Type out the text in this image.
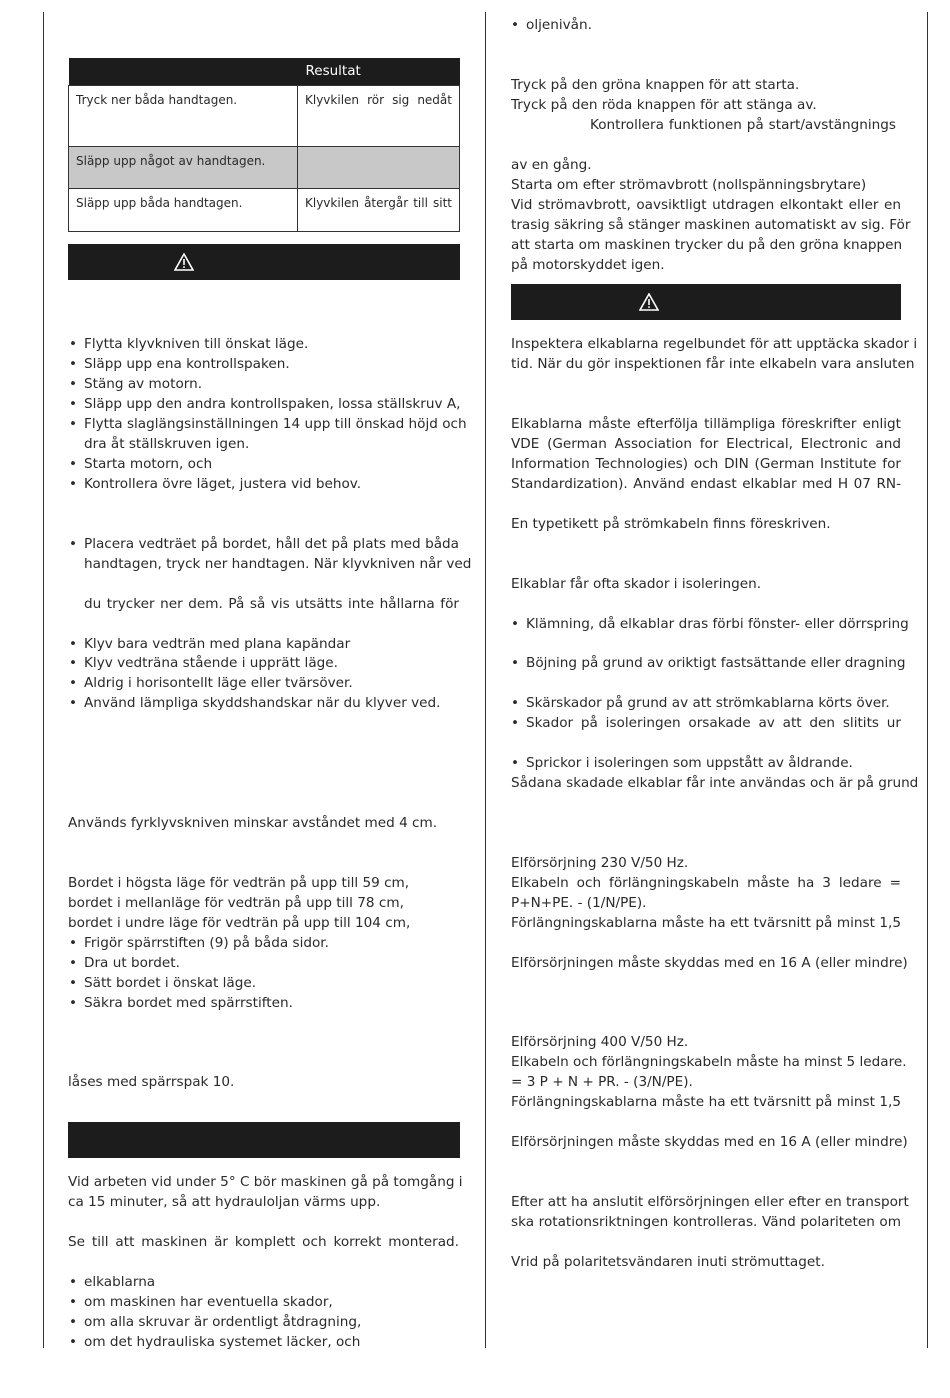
	Resultat
Tryck ner båda handtagen.	Klyvkilen rör sig nedåt
Släpp upp något av handtagen.	
Släpp upp båda handtagen.	Klyvkilen återgår till sitt
• Flytta klyvkniven till önskat läge.
• Släpp upp ena kontrollspaken.
• Stäng av motorn.
• Släpp upp den andra kontrollspaken, lossa ställskruv A,
Flytta slaglängsinställningen 14 upp till önskad höjd och
dra åt ställskruven igen.
• Starta motorn, och
• Kontrollera övre läget, justera vid behov.
Placera vedträet på bordet, håll det på plats med båda
handtagen, tryck ner handtagen. När klyvkniven når ved
du trycker ner dem. På så vis utsätts inte hållarna för
• Klyv bara vedträn med plana kapändar
• Klyv vedträna stående i upprätt läge.
• Aldrig i horisontellt läge eller tvärsöver.
• Använd lämpliga skyddshandskar när du klyver ved.
Används fyrklyvskniven minskar avståndet med 4 cm.
Bordet i högsta läge för vedträn på upp till 59 cm,
bordet i mellanläge för vedträn på upp till 78 cm,
bordet i undre läge för vedträn på upp till 104 cm,
• Frigör spärrstiften (9) på båda sidor.
• Dra ut bordet.
• Sätt bordet i önskat läge.
• Säkra bordet med spärrstiften.
låses med spärrspak 10.
Vid arbeten vid under 5° C bör maskinen gå på tomgång i
ca 15 minuter, så att hydrauloljan värms upp.
Se till att maskinen är komplett och korrekt monterad.
• elkablarna
• om maskinen har eventuella skador,
• om alla skruvar är ordentligt åtdragning,
• om det hydrauliska systemet läcker, och
• oljenivån.
Tryck på den gröna knappen för att starta.
Tryck på den röda knappen för att stänga av.
Kontrollera funktionen på start/avstängnings
av en gång.
Starta om efter strömavbrott (nollspänningsbrytare)
Vid strömavbrott, oavsiktligt utdragen elkontakt eller en
trasig säkring så stänger maskinen automatiskt av sig. För
att starta om maskinen trycker du på den gröna knappen
på motorskyddet igen.
Inspektera elkablarna regelbundet för att upptäcka skador i
tid. När du gör inspektionen får inte elkabeln vara ansluten
Elkablarna måste efterfölja tillämpliga föreskrifter enligt
VDE (German Association for Electrical, Electronic and
Information Technologies) och DIN (German Institute for
Standardization). Använd endast elkablar med H 07 RN-
En typetikett på strömkabeln finns föreskriven.
Elkablar får ofta skador i isoleringen.
• Klämning, då elkablar dras förbi fönster- eller dörrspring
• Böjning på grund av oriktigt fastsättande eller dragning
• Skärskador på grund av att strömkablarna körts över.
Skador på isoleringen orsakade av att den slitits ur
• Sprickor i isoleringen som uppstått av åldrande.
Sådana skadade elkablar får inte användas och är på grund
Elförsörjning 230 V/50 Hz.
Elkabeln och förlängningskabeln måste ha 3 ledare =
P+N+PE. - (1/N/PE).
Förlängningskablarna måste ha ett tvärsnitt på minst 1,5
Elförsörjningen måste skyddas med en 16 A (eller mindre)
Elförsörjning 400 V/50 Hz.
Elkabeln och förlängningskabeln måste ha minst 5 ledare.
= 3 P + N + PR. - (3/N/PE).
Förlängningskablarna måste ha ett tvärsnitt på minst 1,5
Elförsörjningen måste skyddas med en 16 A (eller mindre)
Efter att ha anslutit elförsörjningen eller efter en transport
ska rotationsriktningen kontrolleras. Vänd polariteten om
Vrid på polaritetsvändaren inuti strömuttaget.
